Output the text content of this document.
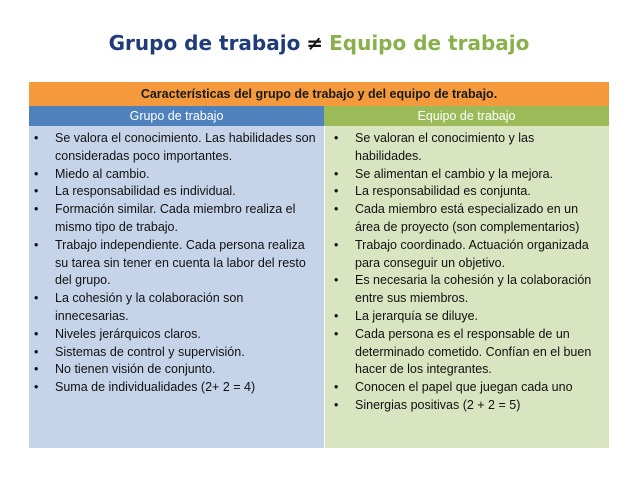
Grupo de trabajo ≠ Equipo de trabajo
Características del grupo de trabajo y del equipo de trabajo.
Grupo de trabajo	Equipo de trabajo
• Se valora el conocimiento. Las habilidades son consideradas poco importantes.
• Miedo al cambio.
• La responsabilidad es individual.
• Formación similar. Cada miembro realiza el mismo tipo de trabajo.
• Trabajo independiente. Cada persona realiza su tarea sin tener en cuenta la labor del resto del grupo.
• La cohesión y la colaboración son innecesarias.
• Niveles jerárquicos claros.
• Sistemas de control y supervisión.
• No tienen visión de conjunto.
• Suma de individualidades (2+ 2 = 4)
• Se valoran el conocimiento y las habilidades.
• Se alimentan el cambio y la mejora.
• La responsabilidad es conjunta.
• Cada miembro está especializado en un área de proyecto (son complementarios)
• Trabajo coordinado. Actuación organizada para conseguir un objetivo.
• Es necesaria la cohesión y la colaboración entre sus miembros.
• La jerarquía se diluye.
• Cada persona es el responsable de un determinado cometido. Confían en el buen hacer de los integrantes.
• Conocen el papel que juegan cada uno
• Sinergias positivas (2 + 2 = 5)
